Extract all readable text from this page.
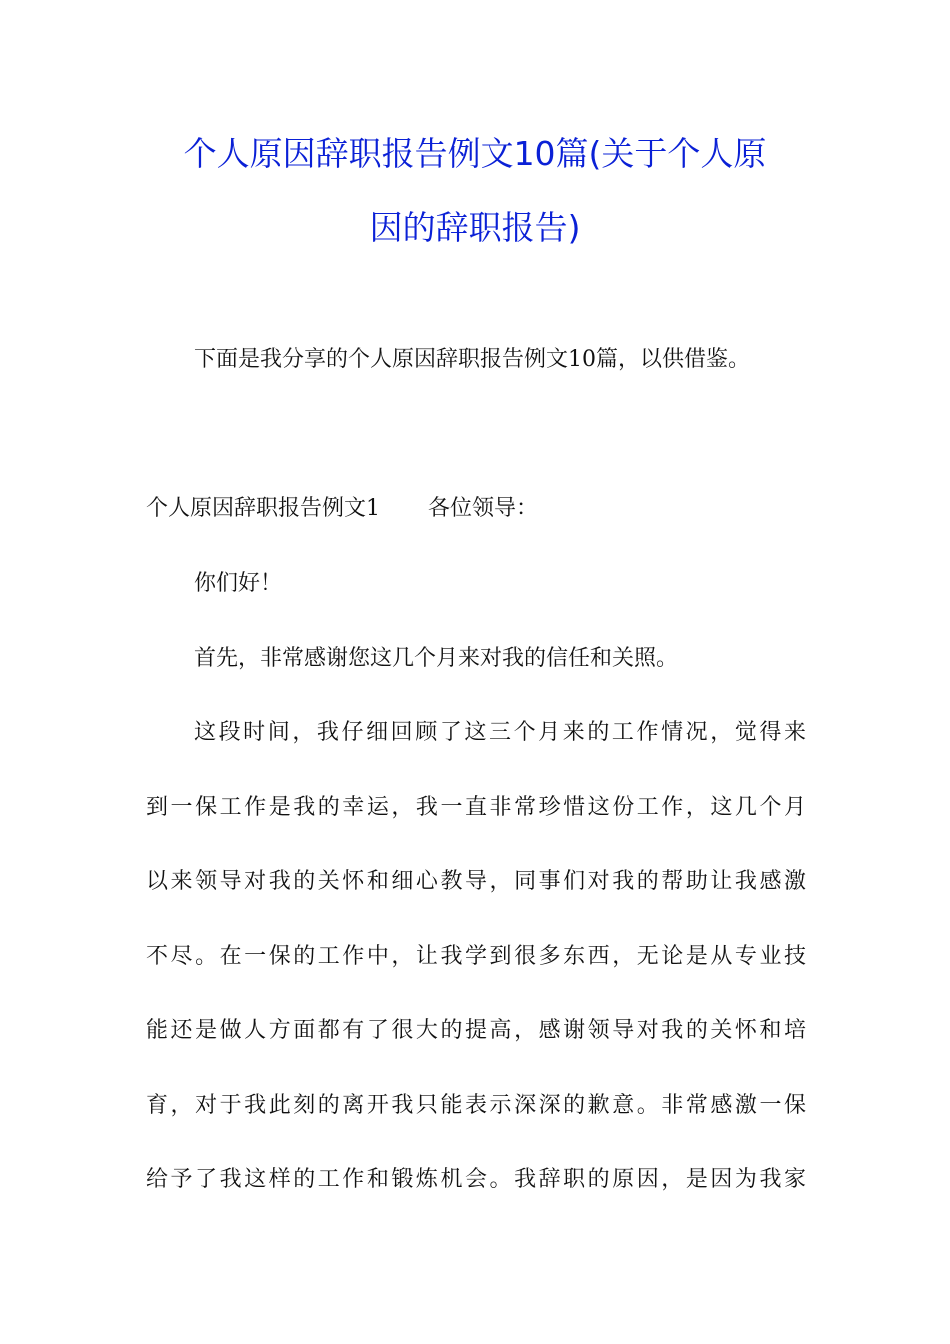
个人原因辞职报告例文10篇(关于个人原
因的辞职报告)
下面是我分享的个人原因辞职报告例文10篇，以供借鉴。
个人原因辞职报告例文1 各位领导：
你们好！
首先，非常感谢您这几个月来对我的信任和关照。
这段时间，我仔细回顾了这三个月来的工作情况，觉得来
到一保工作是我的幸运，我一直非常珍惜这份工作，这几个月
以来领导对我的关怀和细心教导，同事们对我的帮助让我感激
不尽。在一保的工作中，让我学到很多东西，无论是从专业技
能还是做人方面都有了很大的提高，感谢领导对我的关怀和培
育，对于我此刻的离开我只能表示深深的歉意。非常感激一保
给予了我这样的工作和锻炼机会。我辞职的原因，是因为我家
